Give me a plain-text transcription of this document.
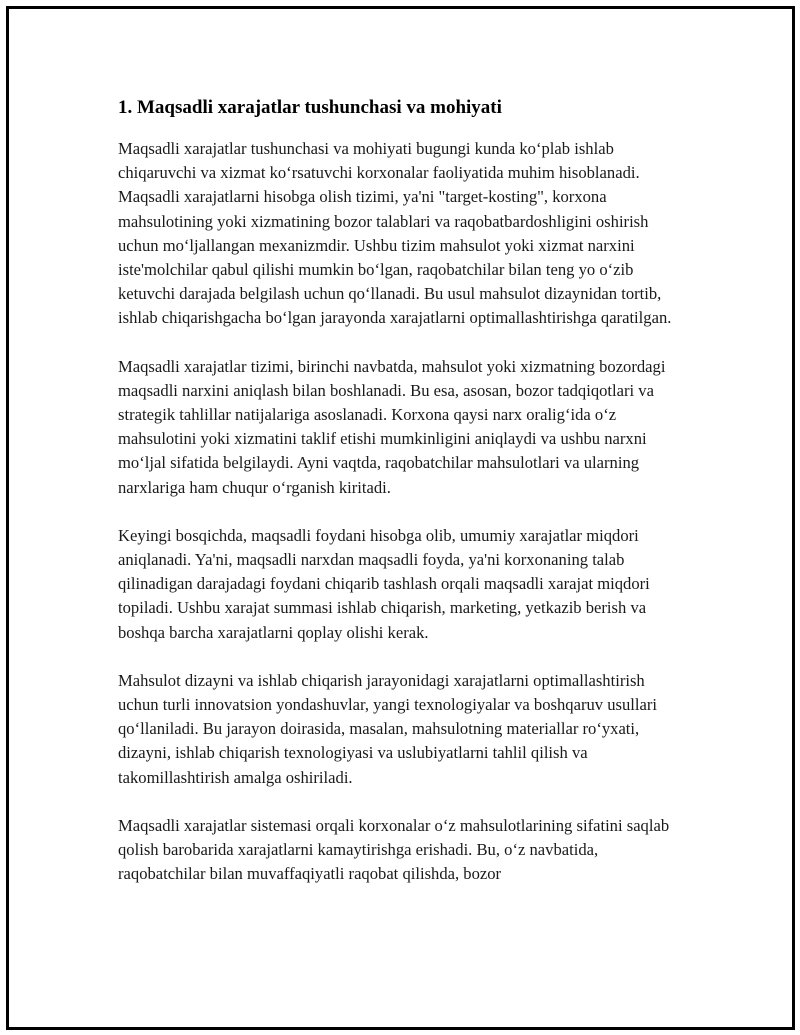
1. Maqsadli xarajatlar tushunchasi va mohiyati

Maqsadli xarajatlar tushunchasi va mohiyati bugungi kunda ko‘plab ishlab chiqaruvchi va xizmat ko‘rsatuvchi korxonalar faoliyatida muhim hisoblanadi. Maqsadli xarajatlarni hisobga olish tizimi, ya'ni "target-kosting", korxona mahsulotining yoki xizmatining bozor talablari va raqobatbardoshligini oshirish uchun mo‘ljallangan mexanizmdir. Ushbu tizim mahsulot yoki xizmat narxini iste'molchilar qabul qilishi mumkin bo‘lgan, raqobatchilar bilan teng yo o‘zib ketuvchi darajada belgilash uchun qo‘llanadi. Bu usul mahsulot dizaynidan tortib, ishlab chiqarishgacha bo‘lgan jarayonda xarajatlarni optimallashtirishga qaratilgan.

Maqsadli xarajatlar tizimi, birinchi navbatda, mahsulot yoki xizmatning bozordagi maqsadli narxini aniqlash bilan boshlanadi. Bu esa, asosan, bozor tadqiqotlari va strategik tahlillar natijalariga asoslanadi. Korxona qaysi narx oralig‘ida o‘z mahsulotini yoki xizmatini taklif etishi mumkinligini aniqlaydi va ushbu narxni mo‘ljal sifatida belgilaydi. Ayni vaqtda, raqobatchilar mahsulotlari va ularning narxlariga ham chuqur o‘rganish kiritadi.

Keyingi bosqichda, maqsadli foydani hisobga olib, umumiy xarajatlar miqdori aniqlanadi. Ya'ni, maqsadli narxdan maqsadli foyda, ya'ni korxonaning talab qilinadigan darajadagi foydani chiqarib tashlash orqali maqsadli xarajat miqdori topiladi. Ushbu xarajat summasi ishlab chiqarish, marketing, yetkazib berish va boshqa barcha xarajatlarni qoplay olishi kerak.

Mahsulot dizayni va ishlab chiqarish jarayonidagi xarajatlarni optimallashtirish uchun turli innovatsion yondashuvlar, yangi texnologiyalar va boshqaruv usullari qo‘llaniladi. Bu jarayon doirasida, masalan, mahsulotning materiallar ro‘yxati, dizayni, ishlab chiqarish texnologiyasi va uslubiyatlarni tahlil qilish va takomillashtirish amalga oshiriladi.

Maqsadli xarajatlar sistemasi orqali korxonalar o‘z mahsulotlarining sifatini saqlab qolish barobarida xarajatlarni kamaytirishga erishadi. Bu, o‘z navbatida, raqobatchilar bilan muvaffaqiyatli raqobat qilishda, bozor
